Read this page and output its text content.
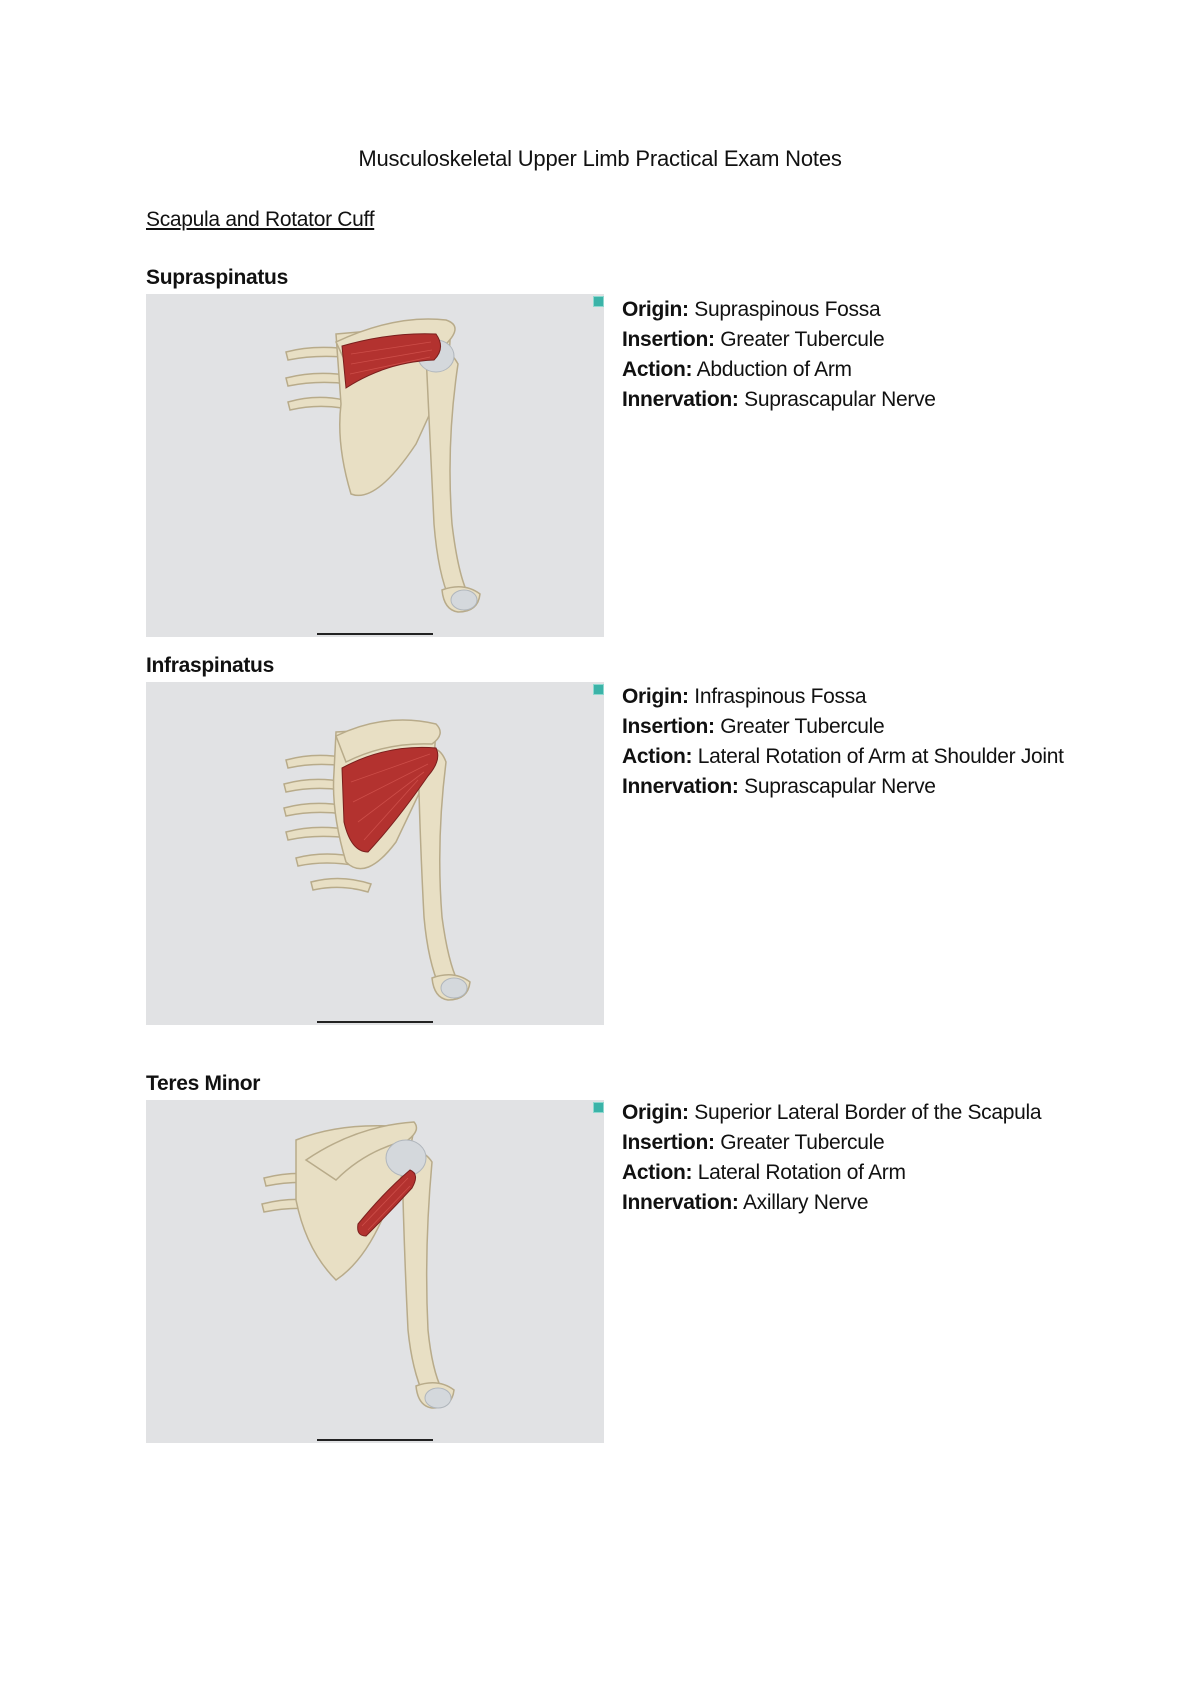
Musculoskeletal Upper Limb Practical Exam Notes
Scapula and Rotator Cuff
Supraspinatus
Origin: Supraspinous Fossa
Insertion: Greater Tubercule
Action: Abduction of Arm
Innervation: Suprascapular Nerve
Infraspinatus
Origin: Infraspinous Fossa
Insertion: Greater Tubercule
Action: Lateral Rotation of Arm at Shoulder Joint
Innervation: Suprascapular Nerve
Teres Minor
Origin: Superior Lateral Border of the Scapula
Insertion: Greater Tubercule
Action: Lateral Rotation of Arm
Innervation: Axillary Nerve
